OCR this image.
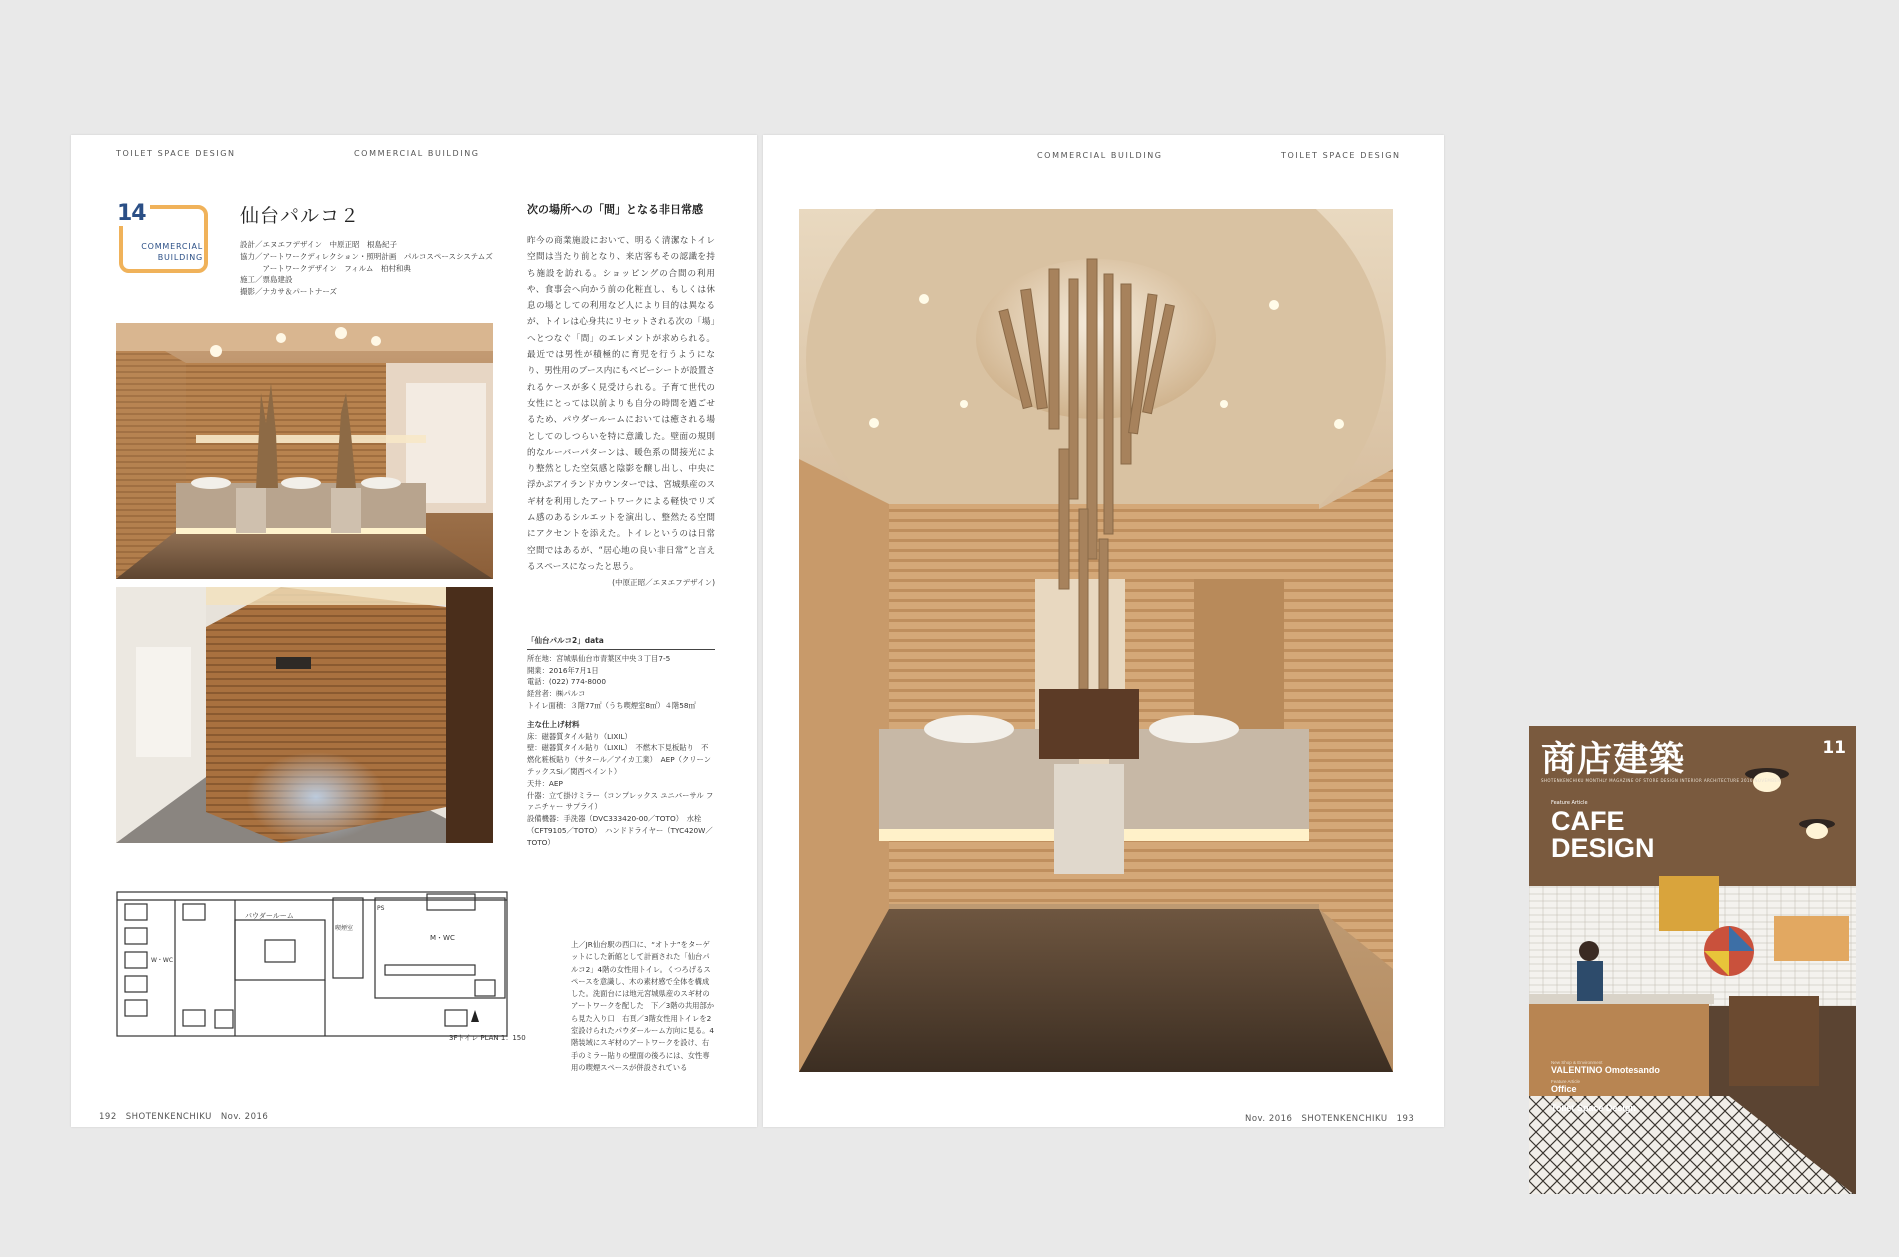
TOILET SPACE DESIGN	COMMERCIAL BUILDING
14
COMMERCIAL
BUILDING
仙台パルコ２
設計／エヌエフデザイン　中原正昭　根島紀子
協力／アートワークディレクション・照明計画　パルコスペースシステムズ
　　　アートワークデザイン　フィルム　柏村和典
施工／票島建設
撮影／ナカサ＆パートナーズ
次の場所への「間」となる非日常感
昨今の商業施設において、明るく清潔なトイレ空間は当たり前となり、来店客もその認識を持ち施設を訪れる。ショッピングの合間の利用や、食事会へ向かう前の化粧直し、もしくは休息の場としての利用など人により目的は異なるが、トイレは心身共にリセットされる次の「場」へとつなぐ「間」のエレメントが求められる。最近では男性が積極的に育児を行うようになり、男性用のブース内にもベビーシートが設置されるケースが多く見受けられる。子育て世代の女性にとっては以前よりも自分の時間を過ごせるため、パウダールームにおいては癒される場としてのしつらいを特に意識した。壁面の規則的なルーバーパターンは、暖色系の間接光により整然とした空気感と陰影を醸し出し、中央に浮かぶアイランドカウンターでは、宮城県産のスギ材を利用したアートワークによる軽快でリズム感のあるシルエットを演出し、整然たる空間にアクセントを添えた。トイレというのは日常空間ではあるが、“居心地の良い非日常”と言えるスペースになったと思う。
(中原正昭／エヌエフデザイン)
「仙台パルコ2」data
所在地：宮城県仙台市青葉区中央３丁目7-5
開業：2016年7月1日
電話：(022) 774-8000
経営者：㈱パルコ
トイレ面積：３階77㎡（うち喫煙室8㎡）４階58㎡
主な仕上げ材料
床：磁器質タイル貼り（LIXIL）
壁：磁器質タイル貼り（LIXIL）　不燃木下見板貼り　不燃化粧板貼り（サタール／アイカ工業）　AEP（クリーンテックスSi／関西ペイント）
天井：AEP
什器：立て掛けミラー（コンプレックス ユニバーサル ファニチャー サプライ）
設備機器：手洗器（DVC333420-00／TOTO）　水栓（CFT9105／TOTO）　ハンドドライヤー（TYC420W／TOTO）
パウダールーム
喫煙室
PS
M・WC
W・WC
3Fトイレ PLAN 1：150
上／JR仙台駅の西口に、“オトナ”をターゲットにした新館として計画された「仙台パルコ2」4階の女性用トイレ。くつろげるスペースを意識し、木の素材感で全体を構成した。洗面台には地元宮城県産のスギ材のアートワークを配した　下／3階の共用部から見た入り口　右頁／3階女性用トイレを2室設けられたパウダールーム方向に見る。4階装域にスギ材のアートワークを設け、右手のミラー貼りの壁面の後ろには、女性専用の喫煙スペースが併設されている
192　SHOTENKENCHIKU　Nov. 2016
COMMERCIAL BUILDING	TOILET SPACE DESIGN
Nov. 2016　SHOTENKENCHIKU　193
商店建築	11
SHOTENKENCHIKU MONTHLY MAGAZINE OF STORE DESIGN INTERIOR ARCHITECTURE 2016 NOVEMBER
Feature Article
CAFE
DESIGN
New Shop & Environment
VALENTINO Omotesando
Feature Article
Office
Special Feature
Toilet Space Design
